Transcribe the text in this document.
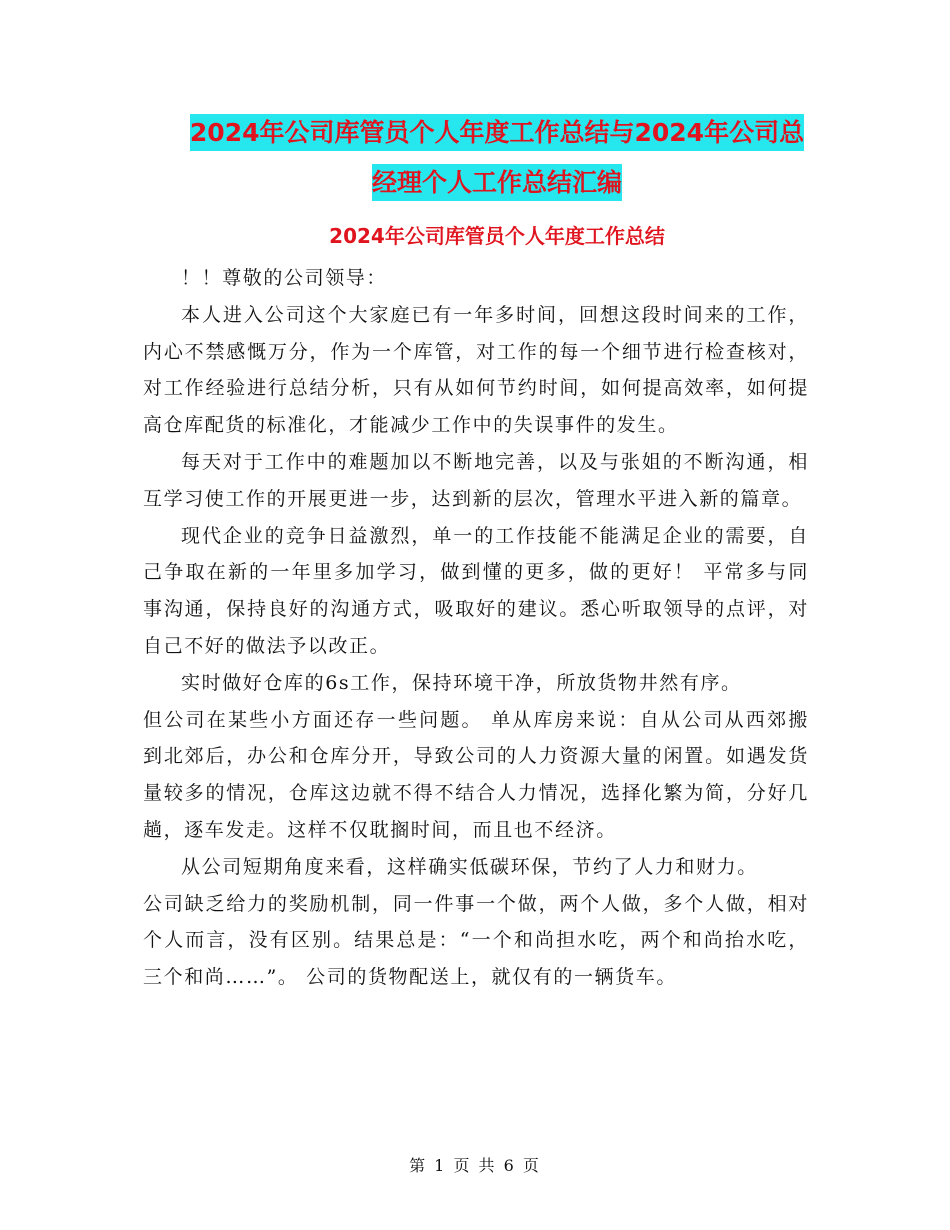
2024年公司库管员个人年度工作总结与2024年公司总
经理个人工作总结汇编
2024年公司库管员个人年度工作总结

！！尊敬的公司领导：

本人进入公司这个大家庭已有一年多时间，回想这段时间来的工作，内心不禁感慨万分，作为一个库管，对工作的每一个细节进行检查核对，对工作经验进行总结分析，只有从如何节约时间，如何提高效率，如何提高仓库配货的标准化，才能减少工作中的失误事件的发生。

每天对于工作中的难题加以不断地完善，以及与张姐的不断沟通，相互学习使工作的开展更进一步，达到新的层次，管理水平进入新的篇章。

现代企业的竞争日益激烈，单一的工作技能不能满足企业的需要，自己争取在新的一年里多加学习，做到懂的更多，做的更好！ 平常多与同事沟通，保持良好的沟通方式，吸取好的建议。悉心听取领导的点评，对自己不好的做法予以改正。

实时做好仓库的6s工作，保持环境干净，所放货物井然有序。

但公司在某些小方面还存一些问题。 单从库房来说：自从公司从西郊搬到北郊后，办公和仓库分开，导致公司的人力资源大量的闲置。如遇发货量较多的情况，仓库这边就不得不结合人力情况，选择化繁为简，分好几趟，逐车发走。这样不仅耽搁时间，而且也不经济。

从公司短期角度来看，这样确实低碳环保，节约了人力和财力。

公司缺乏给力的奖励机制，同一件事一个做，两个人做，多个人做，相对个人而言，没有区别。结果总是：“一个和尚担水吃，两个和尚抬水吃，三个和尚……”。 公司的货物配送上，就仅有的一辆货车。

第 1 页 共 6 页
